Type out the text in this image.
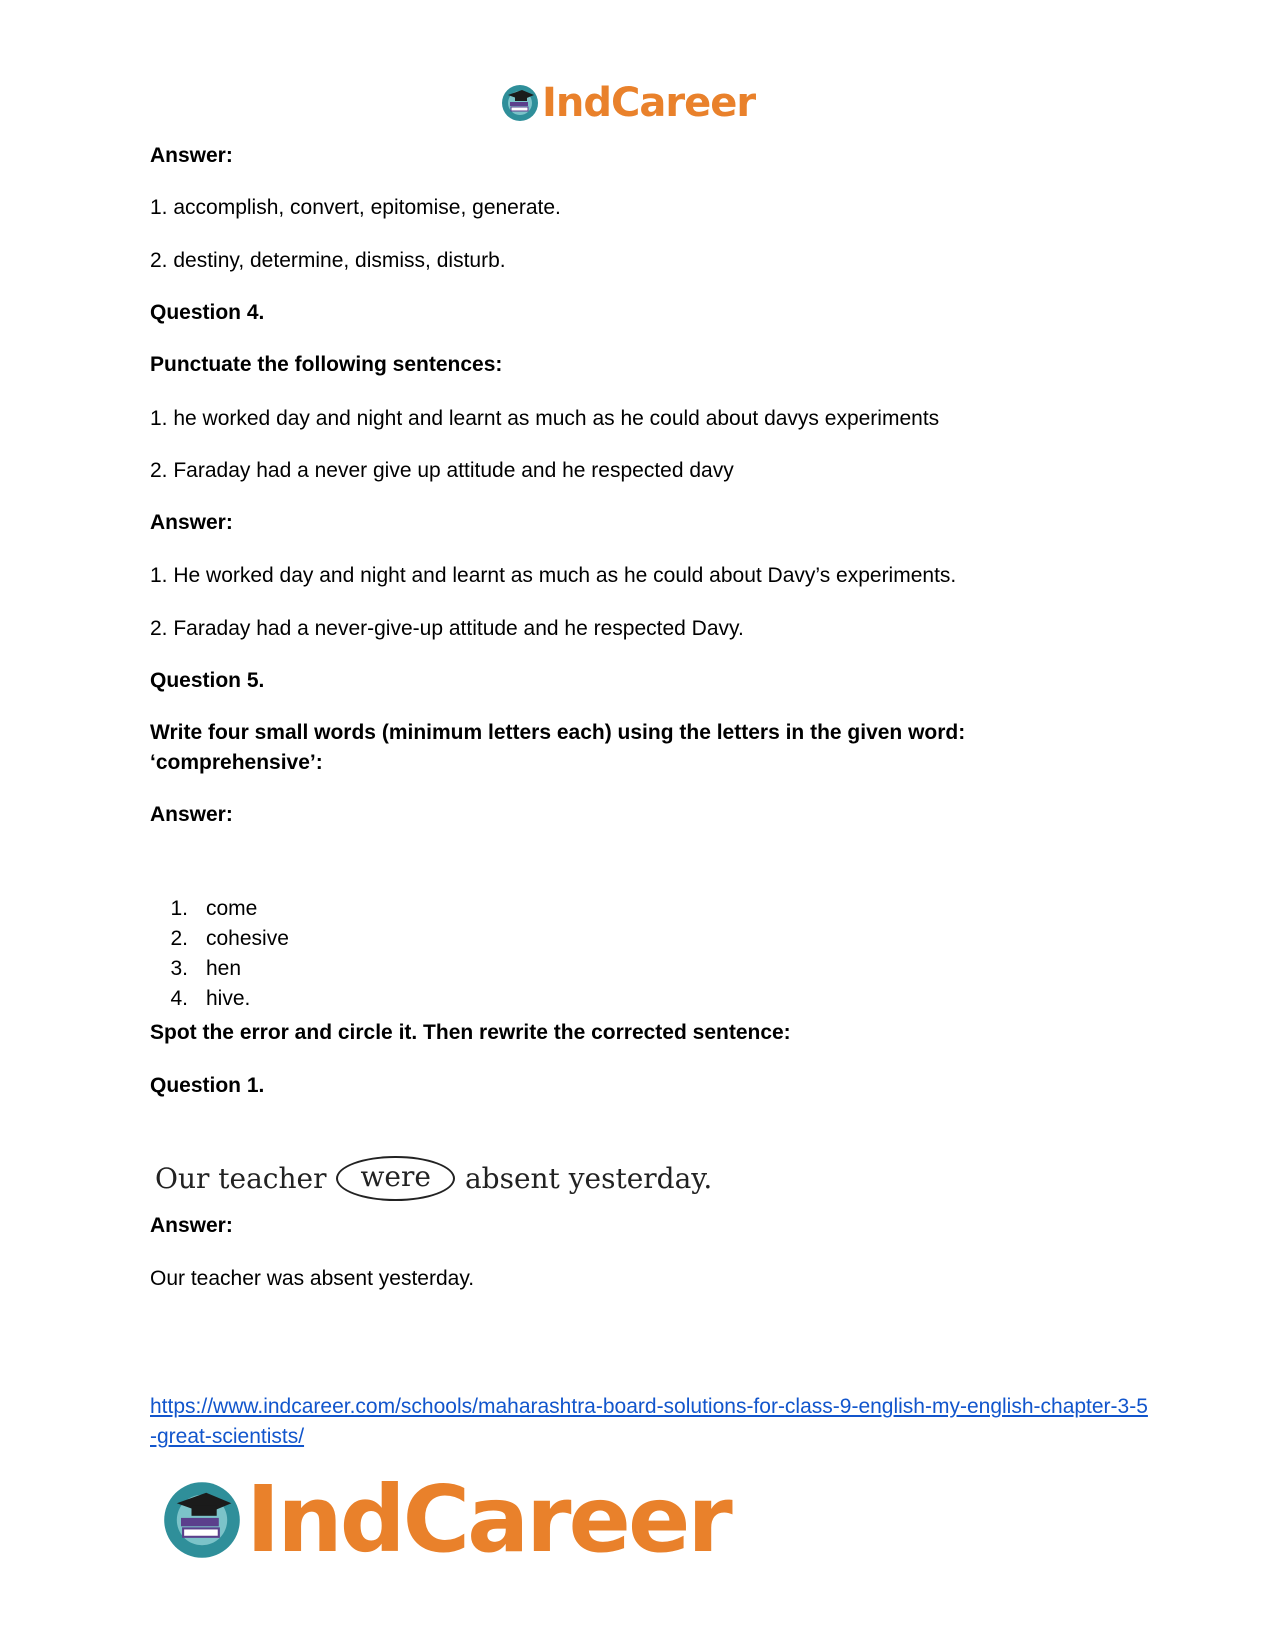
IndCareer
Answer:
1. accomplish, convert, epitomise, generate.
2. destiny, determine, dismiss, disturb.
Question 4.
Punctuate the following sentences:
1. he worked day and night and learnt as much as he could about davys experiments
2. Faraday had a never give up attitude and he respected davy
Answer:
1. He worked day and night and learnt as much as he could about Davy’s experiments.
2. Faraday had a never-give-up attitude and he respected Davy.
Question 5.
Write four small words (minimum letters each) using the letters in the given word: ‘comprehensive’:
Answer:
1. come
2. cohesive
3. hen
4. hive.
Spot the error and circle it. Then rewrite the corrected sentence:
Question 1.
Our teacher	were	absent yesterday.
Answer:
Our teacher was absent yesterday.
https://www.indcareer.com/schools/maharashtra-board-solutions-for-class-9-english-my-english-chapter-3-5-great-scientists/
IndCareer
